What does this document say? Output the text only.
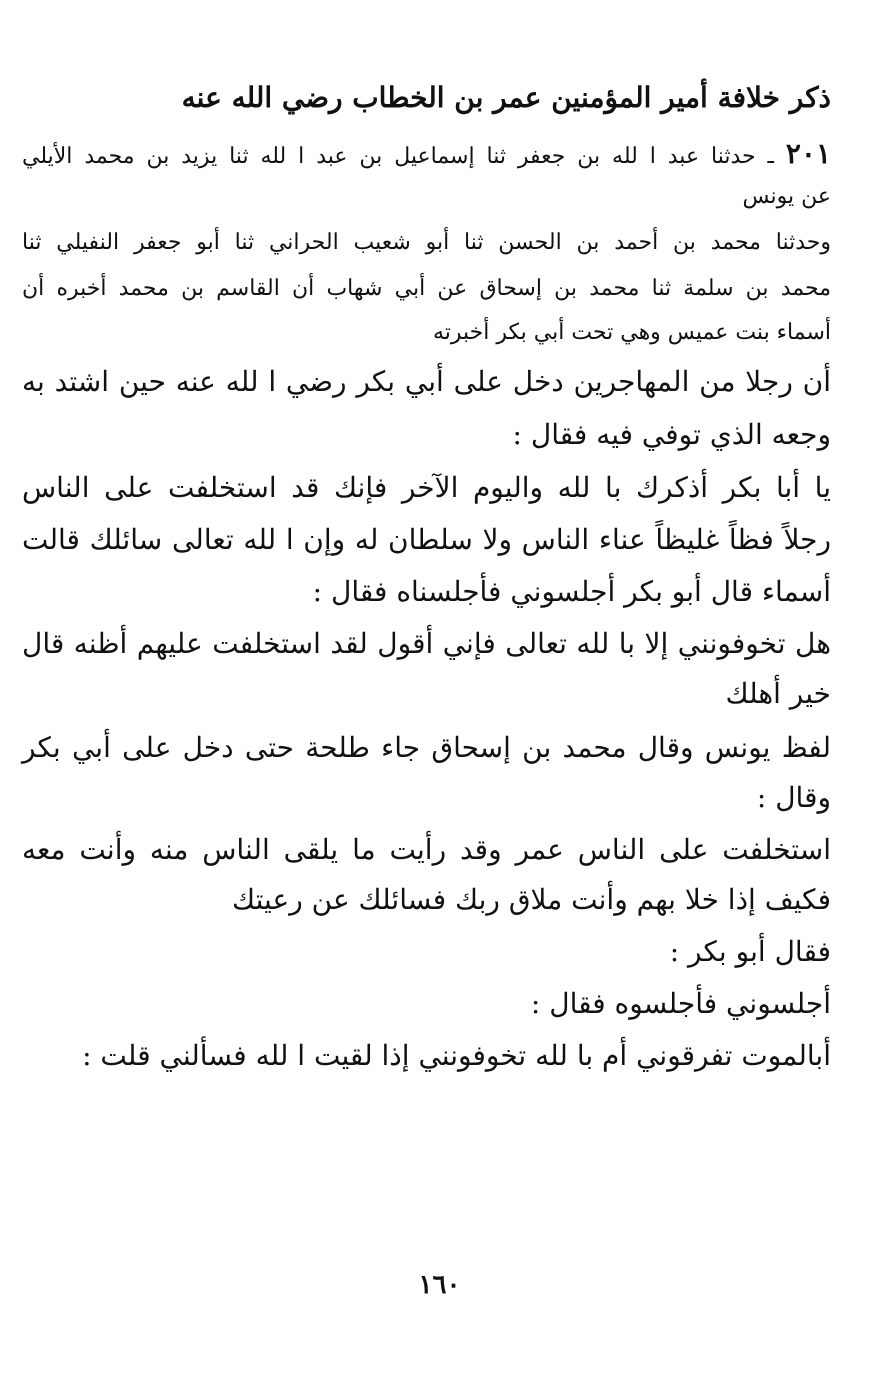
ذكر خلافة أمير المؤمنين عمر بن الخطاب رضي الله عنه
٢٠١ ـ حدثنا عبد ا لله بن جعفر ثنا إسماعيل بن عبد ا لله ثنا يزيد بن محمد الأيلي
عن يونس
وحدثنا محمد بن أحمد بن الحسن ثنا أبو شعيب الحراني ثنا أبو جعفر النفيلي ثنا
محمد بن سلمة ثنا محمد بن إسحاق عن أبي شهاب أن القاسم بن محمد أخبره أن
أسماء بنت عميس وهي تحت أبي بكر أخبرته
أن رجلا من المهاجرين دخل على أبي بكر رضي ا لله عنه حين اشتد به
وجعه الذي توفي فيه فقال :
يا أبا بكر أذكرك با لله واليوم الآخر فإنك قد استخلفت على الناس
رجلاً فظاً غليظاً عناء الناس ولا سلطان له وإن ا لله تعالى سائلك قالت
أسماء قال أبو بكر أجلسوني فأجلسناه فقال :
هل تخوفونني إلا با لله تعالى فإني أقول لقد استخلفت عليهم أظنه قال
خير أهلك
لفظ يونس وقال محمد بن إسحاق جاء طلحة حتى دخل على أبي بكر
وقال :
استخلفت على الناس عمر وقد رأيت ما يلقى الناس منه وأنت معه
فكيف إذا خلا بهم وأنت ملاق ربك فسائلك عن رعيتك
فقال أبو بكر :
أجلسوني فأجلسوه فقال :
أبالموت تفرقوني أم با لله تخوفونني إذا لقيت ا لله فسألني قلت :
١٦٠
